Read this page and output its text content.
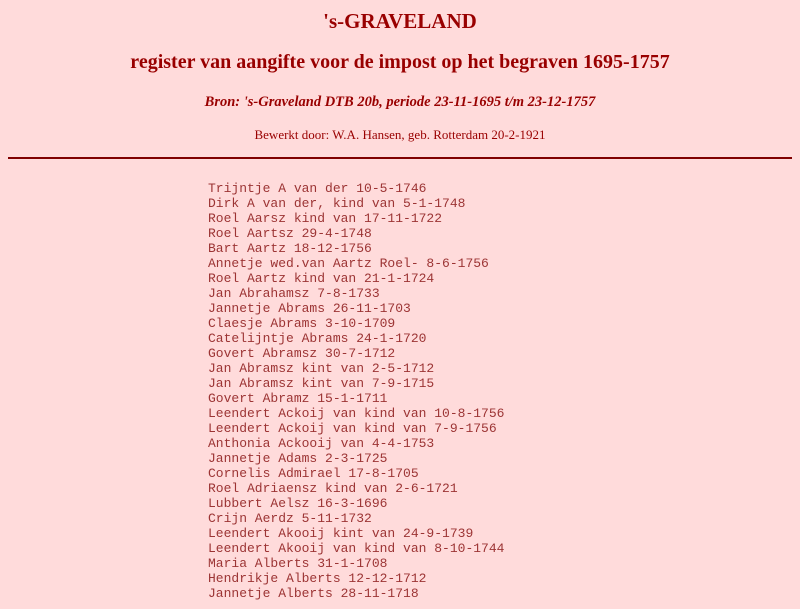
's-GRAVELAND
register van aangifte voor de impost op het begraven 1695-1757
Bron: 's-Graveland DTB 20b, periode 23-11-1695 t/m 23-12-1757
Bewerkt door: W.A. Hansen, geb. Rotterdam 20-2-1921
Trijntje A van der 10-5-1746
Dirk A van der, kind van 5-1-1748
Roel Aarsz kind van 17-11-1722
Roel Aartsz 29-4-1748
Bart Aartz 18-12-1756
Annetje wed.van Aartz Roel- 8-6-1756
Roel Aartz kind van 21-1-1724
Jan Abrahamsz 7-8-1733
Jannetje Abrams 26-11-1703
Claesje Abrams 3-10-1709
Catelijntje Abrams 24-1-1720
Govert Abramsz 30-7-1712
Jan Abramsz kint van 2-5-1712
Jan Abramsz kint van 7-9-1715
Govert Abramz 15-1-1711
Leendert Ackoij van kind van 10-8-1756
Leendert Ackoij van kind van 7-9-1756
Anthonia Ackooij van 4-4-1753
Jannetje Adams 2-3-1725
Cornelis Admirael 17-8-1705
Roel Adriaensz kind van 2-6-1721
Lubbert Aelsz 16-3-1696
Crijn Aerdz 5-11-1732
Leendert Akooij kint van 24-9-1739
Leendert Akooij van kind van 8-10-1744
Maria Alberts 31-1-1708
Hendrikje Alberts 12-12-1712
Jannetje Alberts 28-11-1718
